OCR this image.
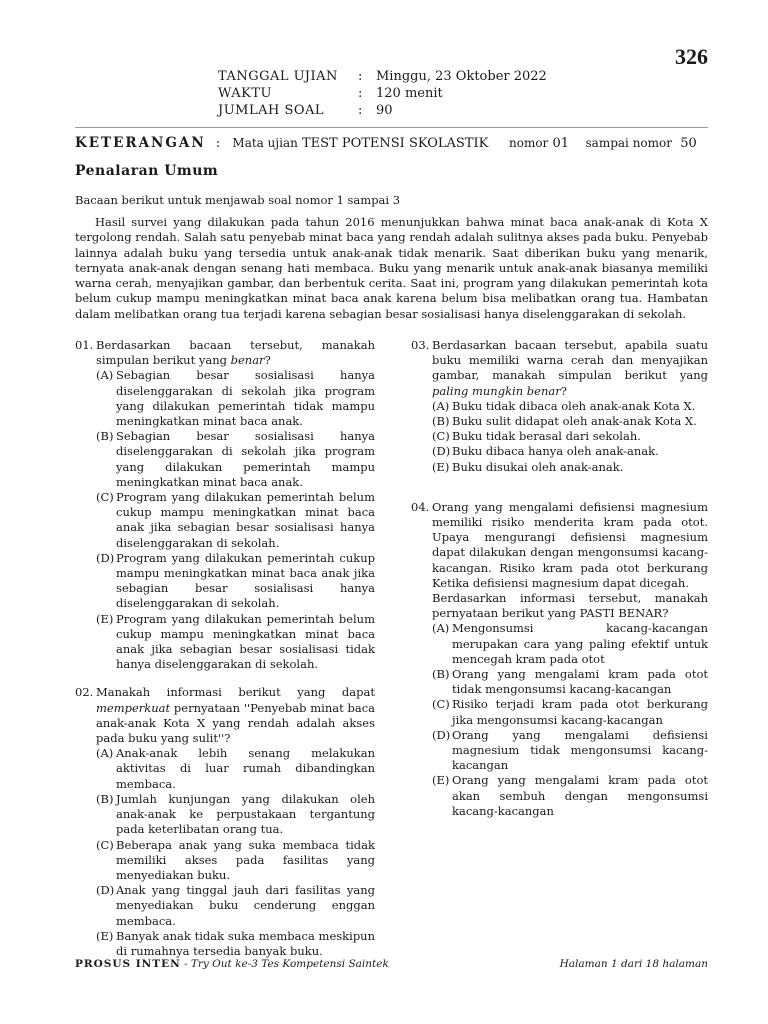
326
TANGGAL UJIAN	:	Minggu, 23 Oktober 2022
WAKTU	:	120 menit
JUMLAH SOAL	:	90
KETERANGAN : Mata ujian TEST POTENSI SKOLASTIK nomor 01 sampai nomor 50
Penalaran Umum
Bacaan berikut untuk menjawab soal nomor 1 sampai 3

Hasil survei yang dilakukan pada tahun 2016 menunjukkan bahwa minat baca anak-anak di Kota X tergolong rendah. Salah satu penyebab minat baca yang rendah adalah sulitnya akses pada buku. Penyebab lainnya adalah buku yang tersedia untuk anak-anak tidak menarik. Saat diberikan buku yang menarik, ternyata anak-anak dengan senang hati membaca. Buku yang menarik untuk anak-anak biasanya memiliki warna cerah, menyajikan gambar, dan berbentuk cerita. Saat ini, program yang dilakukan pemerintah kota belum cukup mampu meningkatkan minat baca anak karena belum bisa melibatkan orang tua. Hambatan dalam melibatkan orang tua terjadi karena sebagian besar sosialisasi hanya diselenggarakan di sekolah.

01. Berdasarkan bacaan tersebut, manakah simpulan berikut yang benar?
(A) Sebagian besar sosialisasi hanya diselenggarakan di sekolah jika program yang dilakukan pemerintah tidak mampu meningkatkan minat baca anak.
(B) Sebagian besar sosialisasi hanya diselenggarakan di sekolah jika program yang dilakukan pemerintah mampu meningkatkan minat baca anak.
(C) Program yang dilakukan pemerintah belum cukup mampu meningkatkan minat baca anak jika sebagian besar sosialisasi hanya diselenggarakan di sekolah.
(D) Program yang dilakukan pemerintah cukup mampu meningkatkan minat baca anak jika sebagian besar sosialisasi hanya diselenggarakan di sekolah.
(E) Program yang dilakukan pemerintah belum cukup mampu meningkatkan minat baca anak jika sebagian besar sosialisasi tidak hanya diselenggarakan di sekolah.
02. Manakah informasi berikut yang dapat memperkuat pernyataan ''Penyebab minat baca anak-anak Kota X yang rendah adalah akses pada buku yang sulit''?
(A) Anak-anak lebih senang melakukan aktivitas di luar rumah dibandingkan membaca.
(B) Jumlah kunjungan yang dilakukan oleh anak-anak ke perpustakaan tergantung pada keterlibatan orang tua.
(C) Beberapa anak yang suka membaca tidak memiliki akses pada fasilitas yang menyediakan buku.
(D) Anak yang tinggal jauh dari fasilitas yang menyediakan buku cenderung enggan membaca.
(E) Banyak anak tidak suka membaca meskipun di rumahnya tersedia banyak buku.
03. Berdasarkan bacaan tersebut, apabila suatu buku memiliki warna cerah dan menyajikan gambar, manakah simpulan berikut yang paling mungkin benar?
(A) Buku tidak dibaca oleh anak-anak Kota X.
(B) Buku sulit didapat oleh anak-anak Kota X.
(C) Buku tidak berasal dari sekolah.
(D) Buku dibaca hanya oleh anak-anak.
(E) Buku disukai oleh anak-anak.
04. Orang yang mengalami defisiensi magnesium memiliki risiko menderita kram pada otot. Upaya mengurangi defisiensi magnesium dapat dilakukan dengan mengonsumsi kacang-kacangan. Risiko kram pada otot berkurang Ketika defisiensi magnesium dapat dicegah.
Berdasarkan informasi tersebut, manakah pernyataan berikut yang PASTI BENAR?
(A) Mengonsumsi kacang-kacangan merupakan cara yang paling efektif untuk mencegah kram pada otot
(B) Orang yang mengalami kram pada otot tidak mengonsumsi kacang-kacangan
(C) Risiko terjadi kram pada otot berkurang jika mengonsumsi kacang-kacangan
(D) Orang yang mengalami defisiensi magnesium tidak mengonsumsi kacang-kacangan
(E) Orang yang mengalami kram pada otot akan sembuh dengan mengonsumsi kacang-kacangan
PROSUS INTEN - Try Out ke-3 Tes Kompetensi Saintek	Halaman 1 dari 18 halaman
